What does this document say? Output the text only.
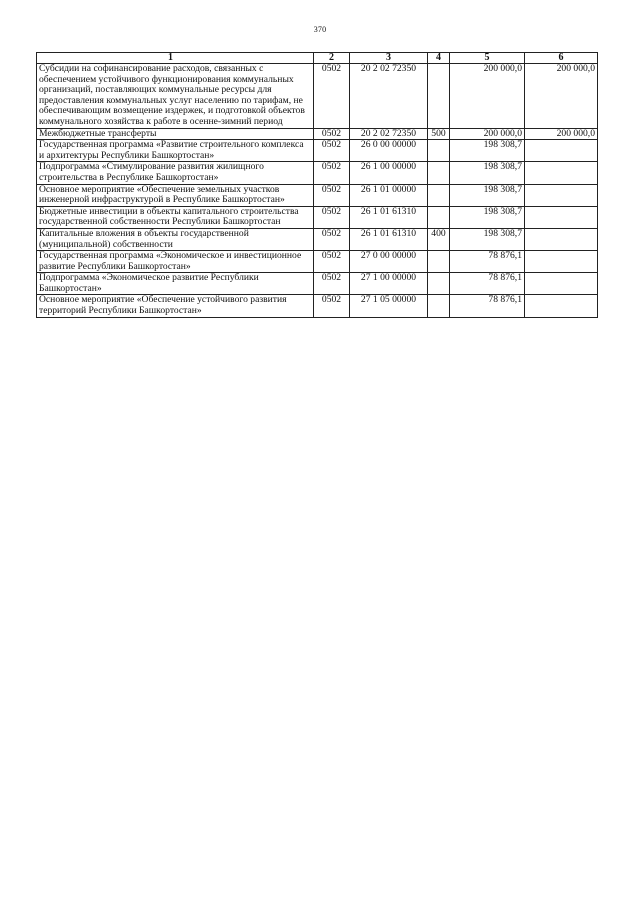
370
1	2	3	4	5	6
Субсидии на софинансирование расходов, связанных с обеспечением устойчивого функционирования коммунальных организаций, поставляющих коммунальные ресурсы для предоставления коммунальных услуг населению по тарифам, не обеспечивающим возмещение издержек, и подготовкой объектов коммунального хозяйства к работе в осенне-зимний период	0502	20 2 02 72350		200 000,0	200 000,0
Межбюджетные трансферты	0502	20 2 02 72350	500	200 000,0	200 000,0
Государственная программа «Развитие строительного комплекса и архитектуры Республики Башкортостан»	0502	26 0 00 00000		198 308,7	
Подпрограмма «Стимулирование развития жилищного строительства в Республике Башкортостан»	0502	26 1 00 00000		198 308,7	
Основное мероприятие «Обеспечение земельных участков инженерной инфраструктурой в Республике Башкортостан»	0502	26 1 01 00000		198 308,7	
Бюджетные инвестиции в объекты капитального строительства государственной собственности Республики Башкортостан	0502	26 1 01 61310		198 308,7	
Капитальные вложения в объекты государственной (муниципальной) собственности	0502	26 1 01 61310	400	198 308,7	
Государственная программа «Экономическое и инвестиционное развитие Республики Башкортостан»	0502	27 0 00 00000		78 876,1	
Подпрограмма «Экономическое развитие Республики Башкортостан»	0502	27 1 00 00000		78 876,1	
Основное мероприятие «Обеспечение устойчивого развития территорий Республики Башкортостан»	0502	27 1 05 00000		78 876,1	
